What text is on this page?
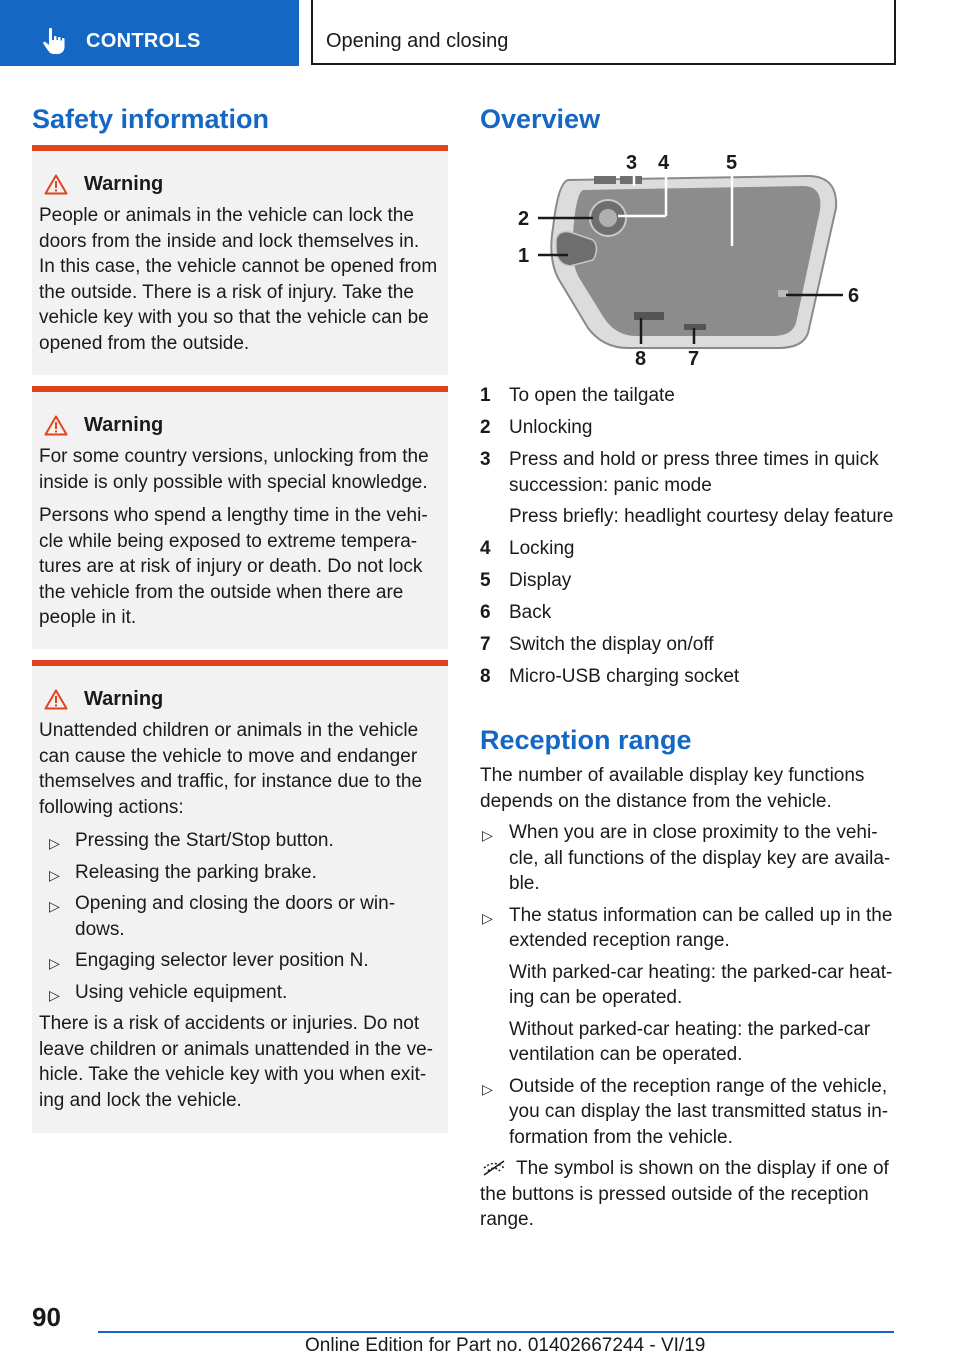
CONTROLS	Opening and closing
Safety information
Warning

People or animals in the vehicle can lock the doors from the inside and lock themselves in. In this case, the vehicle cannot be opened from the outside. There is a risk of injury. Take the vehicle key with you so that the vehicle can be opened from the outside.

Warning

For some country versions, unlocking from the inside is only possible with special knowledge.

Persons who spend a lengthy time in the vehi-cle while being exposed to extreme tempera-tures are at risk of injury or death. Do not lock the vehicle from the outside when there are people in it.

Warning

Unattended children or animals in the vehicle can cause the vehicle to move and endanger themselves and traffic, for instance due to the following actions:

▷ Pressing the Start/Stop button.
▷ Releasing the parking brake.
▷ Opening and closing the doors or win-dows.
▷ Engaging selector lever position N.
▷ Using vehicle equipment.

There is a risk of accidents or injuries. Do not leave children or animals unattended in the ve-hicle. Take the vehicle key with you when exit-ing and lock the vehicle.

Overview
1
2
3 4	5
6
7
8
1 To open the tailgate
2 Unlocking
3 Press and hold or press three times in quick succession: panic mode
Press briefly: headlight courtesy delay feature
4 Locking
5 Display
6 Back
7 Switch the display on/off
8 Micro-USB charging socket
Reception range

The number of available display key functions depends on the distance from the vehicle.

▷ When you are in close proximity to the vehi-cle, all functions of the display key are availa-ble.
▷ The status information can be called up in the extended reception range.
With parked-car heating: the parked-car heat-ing can be operated.
Without parked-car heating: the parked-car ventilation can be operated.
▷ Outside of the reception range of the vehicle, you can display the last transmitted status in-formation from the vehicle.

The symbol is shown on the display if one of the buttons is pressed outside of the reception range.

90
Online Edition for Part no. 01402667244 - VI/19
